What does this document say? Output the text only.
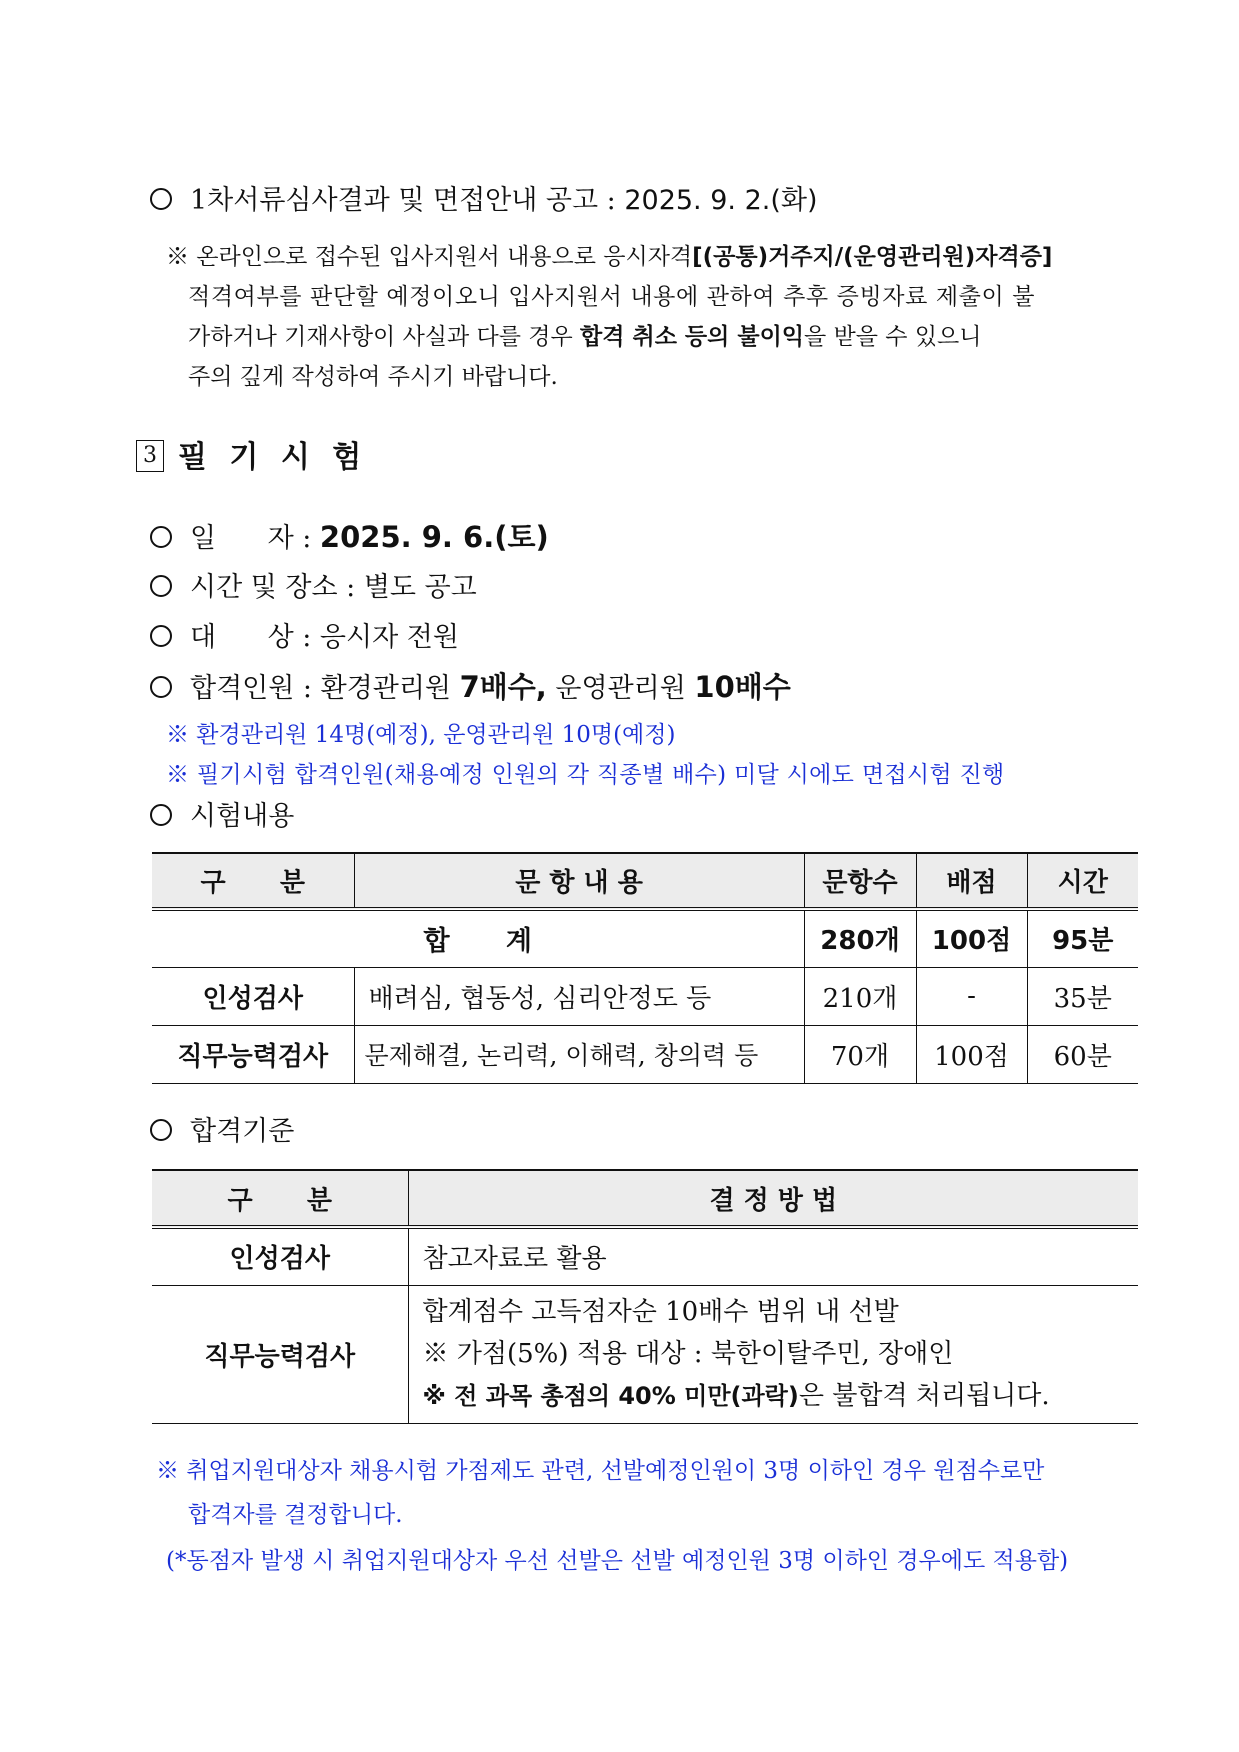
1차서류심사결과 및 면접안내 공고 : 2025. 9. 2.(화)
※ 온라인으로 접수된 입사지원서 내용으로 응시자격[(공통)거주지/(운영관리원)자격증]
적격여부를 판단할 예정이오니 입사지원서 내용에 관하여 추후 증빙자료 제출이 불
가하거나 기재사항이 사실과 다를 경우 합격 취소 등의 불이익을 받을 수 있으니
주의 깊게 작성하여 주시기 바랍니다.
3 필 기 시 험
일      자 : 2025. 9. 6.(토)
시간 및 장소 : 별도 공고
대      상 : 응시자 전원
합격인원 : 환경관리원 7배수, 운영관리원 10배수
※ 환경관리원 14명(예정), 운영관리원 10명(예정)
※ 필기시험 합격인원(채용예정 인원의 각 직종별 배수) 미달 시에도 면접시험 진행
시험내용
구      분	문 항 내 용	문항수	배점	시간
합      계		280개	100점	95분
인성검사	배려심, 협동성, 심리안정도 등	210개	-	35분
직무능력검사	문제해결, 논리력, 이해력, 창의력 등	70개	100점	60분
합격기준
구      분	결 정 방 법
인성검사	참고자료로 활용
직무능력검사	합계점수 고득점자순 10배수 범위 내 선발
※ 가점(5%) 적용 대상 : 북한이탈주민, 장애인
※ 전 과목 총점의 40% 미만(과락)은 불합격 처리됩니다.
※ 취업지원대상자 채용시험 가점제도 관련, 선발예정인원이 3명 이하인 경우 원점수로만
합격자를 결정합니다.
(*동점자 발생 시 취업지원대상자 우선 선발은 선발 예정인원 3명 이하인 경우에도 적용함)
